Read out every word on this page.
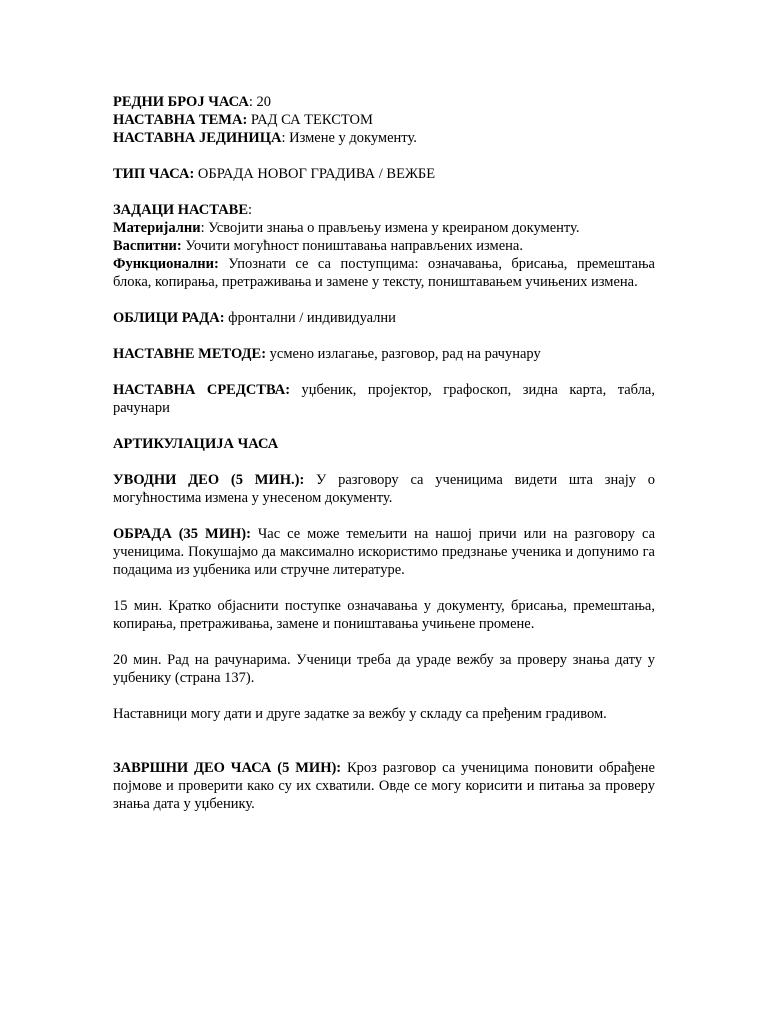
РЕДНИ БРОЈ ЧАСА: 20

НАСТАВНА ТЕМА: РАД СА ТЕКСТОМ

НАСТАВНА ЈЕДИНИЦА: Измене у документу.

ТИП ЧАСА: ОБРАДА НОВОГ ГРАДИВА / ВЕЖБЕ

ЗАДАЦИ НАСТАВЕ:

Материјални: Усвојити знања о прављењу измена у креираном документу.

Васпитни: Уочити могућност поништавања направљених измена.

Функционални: Упознати се са поступцима: означавања, брисања, премештања блока, копирања, претраживања и замене у тексту, поништавањем учињених измена.

ОБЛИЦИ РАДА: фронтални / индивидуални

НАСТАВНЕ МЕТОДЕ: усмено излагање, разговор, рад на рачунару

НАСТАВНА СРЕДСТВА: уџбеник, пројектор, графоскоп, зидна карта, табла, рачунари

АРТИКУЛАЦИЈА ЧАСА

УВОДНИ ДЕО (5 МИН.): У разговору са ученицима видети шта знају о могућностима измена у унесеном документу.

ОБРАДА (35 МИН): Час се може темељити на нашој причи или на разговору са ученицима. Покушајмо да максимално искористимо предзнање ученика и допунимо га подацима из уџбеника или стручне литературе.

15 мин. Кратко објаснити поступке означавања у документу, брисања, премештања, копирања, претраживања, замене и поништавања учињене промене.

20 мин. Рад на рачунарима. Ученици треба да ураде вежбу за проверу знања дату у уџбенику (страна 137).

Наставници могу дати и друге задатке за вежбу у складу са пређеним градивом.

ЗАВРШНИ ДЕО ЧАСА (5 МИН): Кроз разговор са ученицима поновити обрађене појмове и проверити како су их схватили. Овде се могу корисити и питања за проверу знања дата у уџбенику.
